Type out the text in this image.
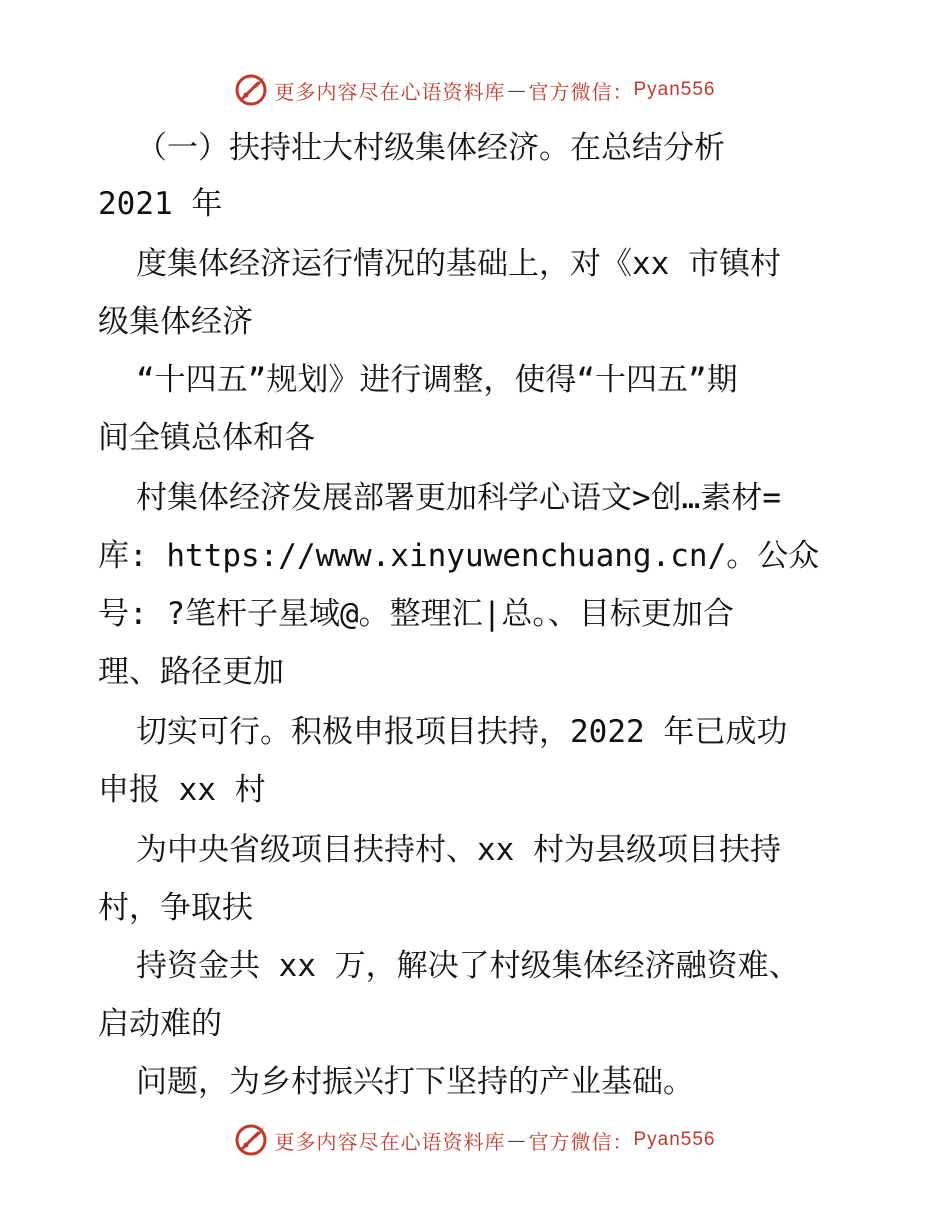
更多内容尽在心语资料库 — 官方微信： Pyan556
（一）扶持壮大村级集体经济。在总结分析
2021 年
度集体经济运行情况的基础上，对《xx 市镇村
级集体经济
“十四五”规划》进行调整，使得“十四五”期
间全镇总体和各
村集体经济发展部署更加科学心语文>创…素材=
库: https://www.xinyuwenchuang.cn/。公众
号: ?笔杆子星域@。整理汇|总。、目标更加合
理、路径更加
切实可行。积极申报项目扶持，2022 年已成功
申报 xx 村
为中央省级项目扶持村、xx 村为县级项目扶持
村，争取扶
持资金共 xx 万，解决了村级集体经济融资难、
启动难的
问题，为乡村振兴打下坚持的产业基础。
更多内容尽在心语资料库 — 官方微信： Pyan556
